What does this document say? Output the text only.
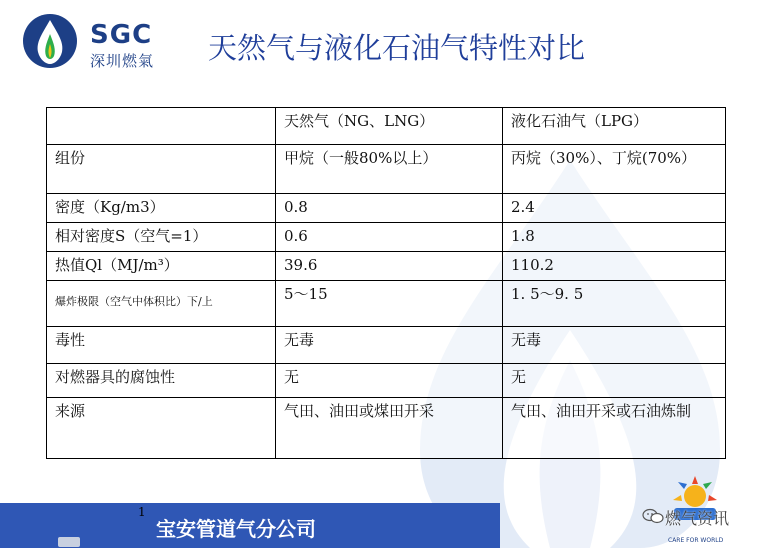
SGC
深圳燃氣 天然气与液化石油气特性对比
	天然气（NG、LNG）	液化石油气（LPG）
组份	甲烷（一般80%以上）	丙烷（30%）、丁烷(70%）
密度（Kg/m3）	0.8	2.4
相对密度S（空气=1）	0.6	1.8
热值Ql（MJ/m³）	39.6	110.2
爆炸极限（空气中体积比）下/上	5～15	1. 5～9. 5
毒性	无毒	无毒
对燃器具的腐蚀性	无	无
来源	气田、油田或煤田开采	气田、油田开采或石油炼制
1
宝安管道气分公司	燃气资讯
CARE FOR WORLD
